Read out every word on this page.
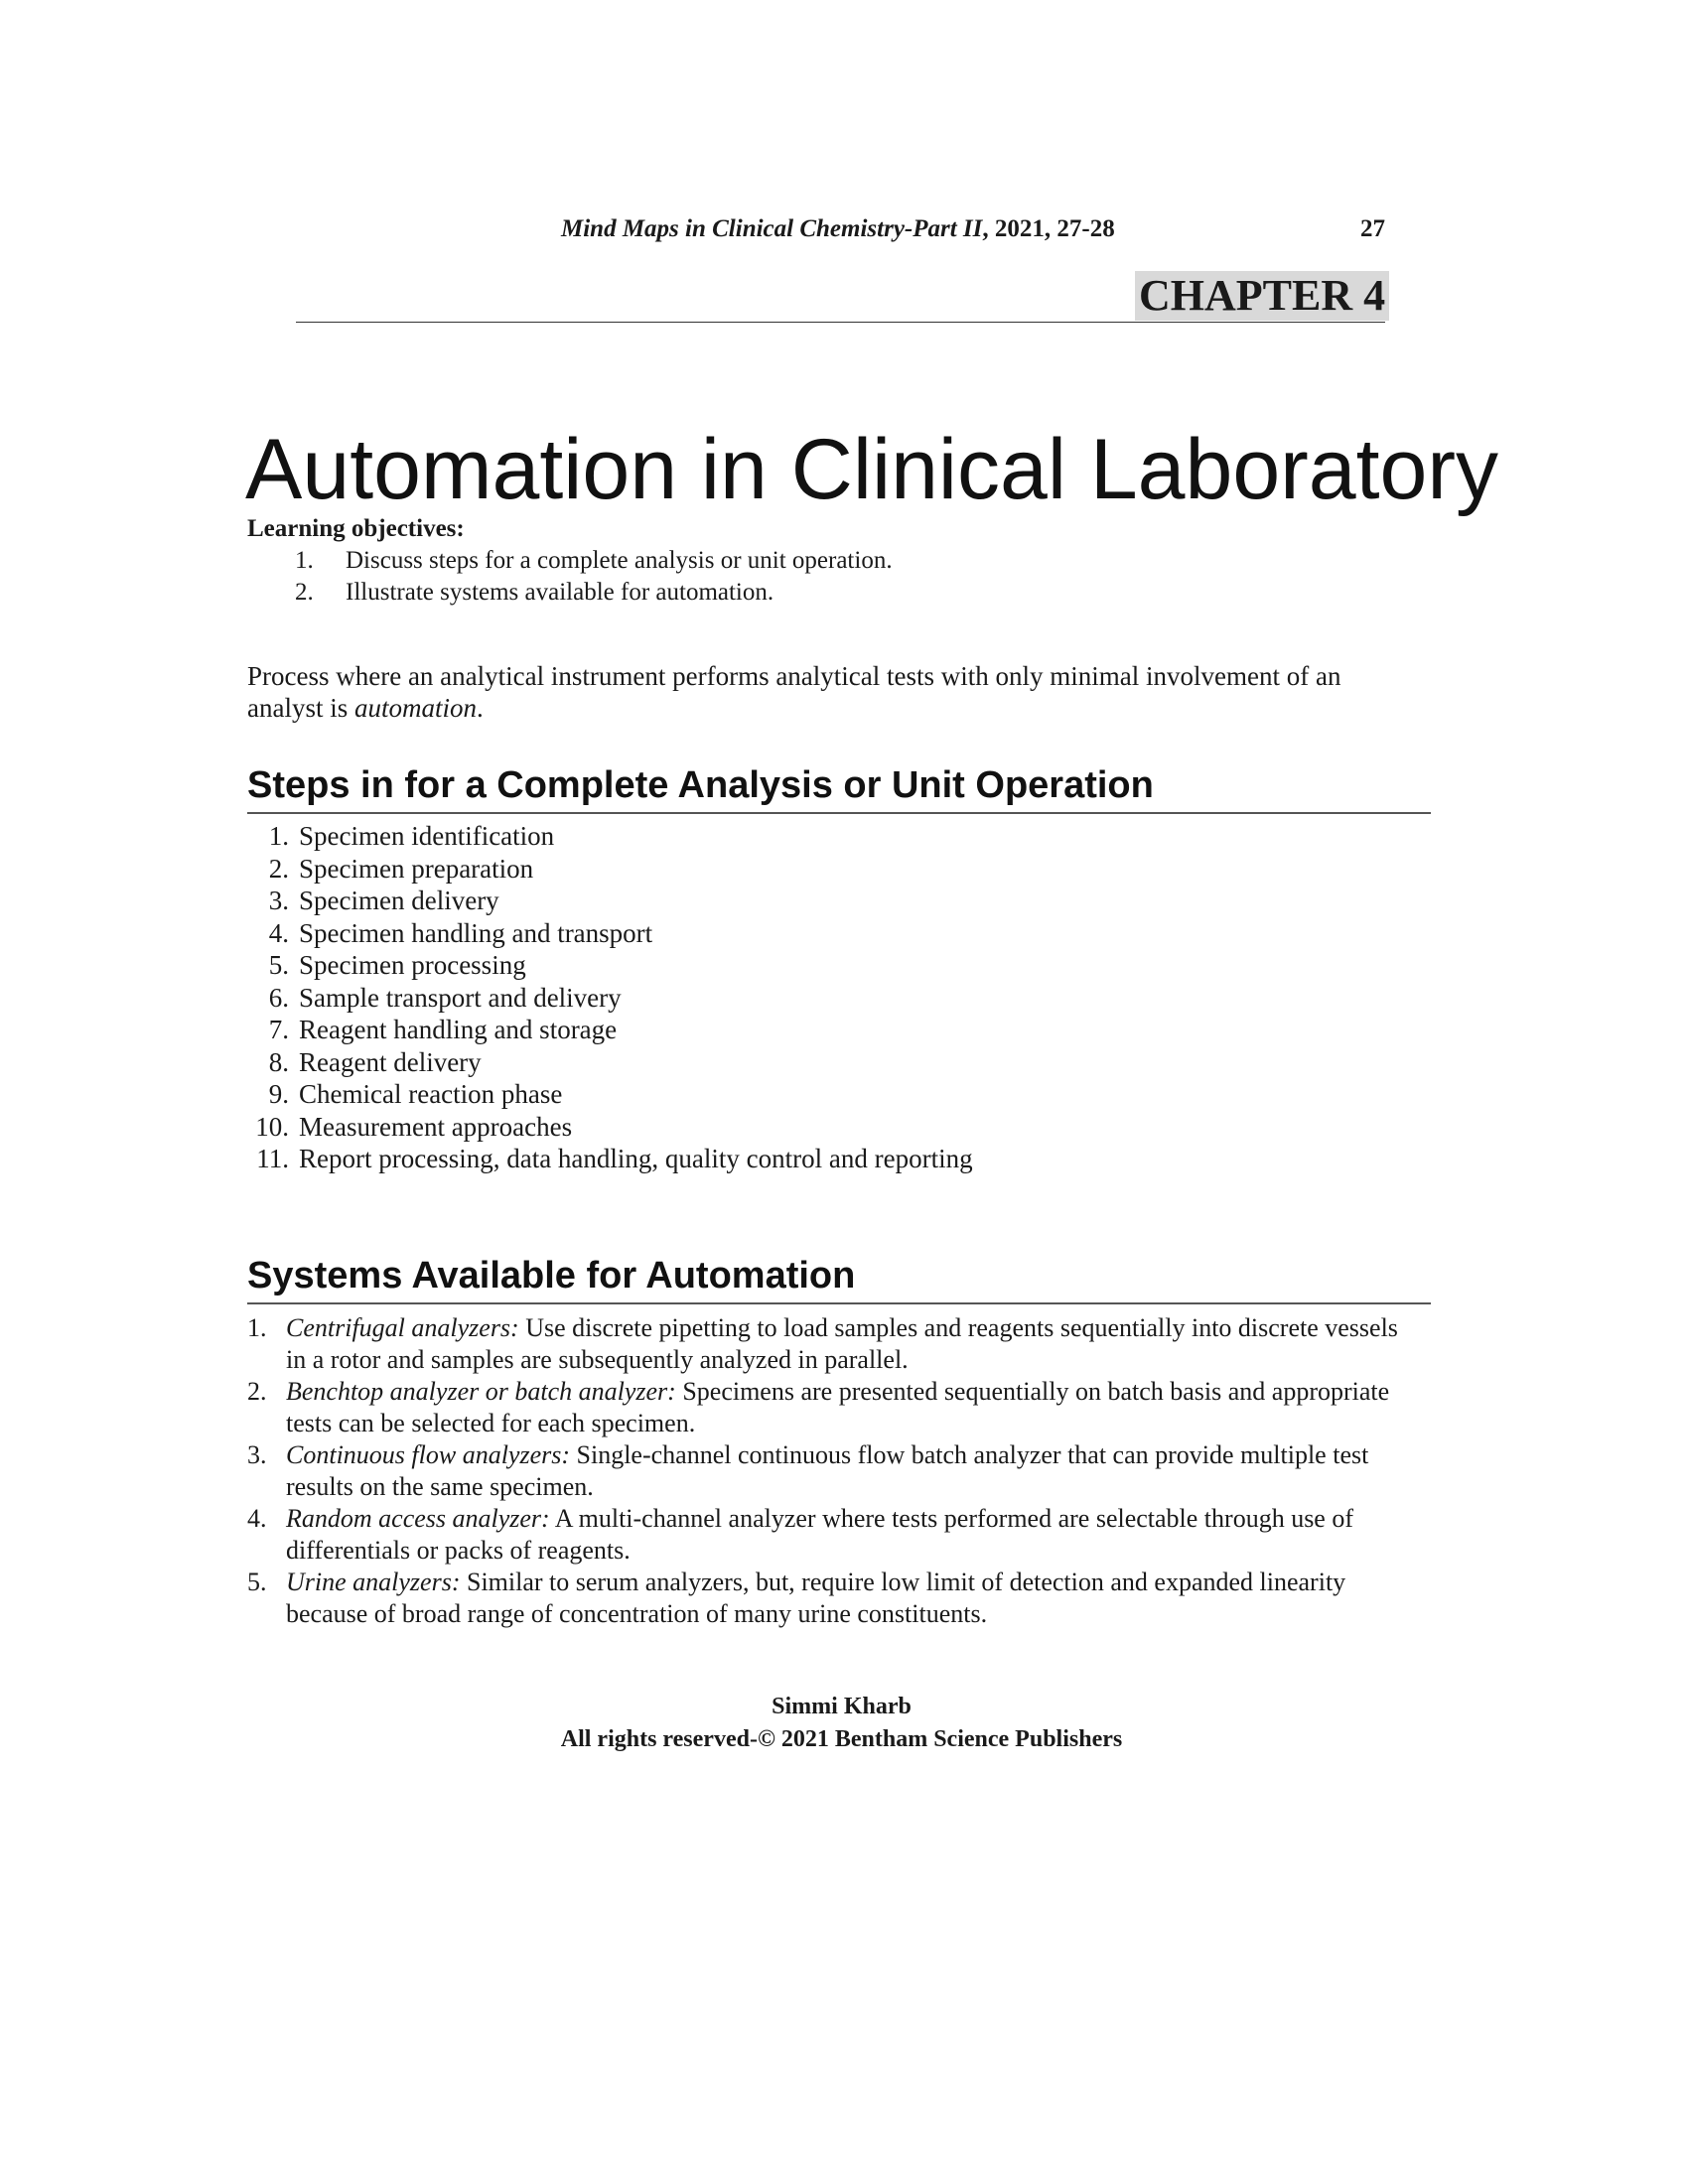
Mind Maps in Clinical Chemistry-Part II, 2021, 27-28	27
CHAPTER 4
Automation in Clinical Laboratory
Learning objectives:
1. Discuss steps for a complete analysis or unit operation.
2. Illustrate systems available for automation.

Process where an analytical instrument performs analytical tests with only minimal involvement of an analyst is automation.

Steps in for a Complete Analysis or Unit Operation
1. Specimen identification
2. Specimen preparation
3. Specimen delivery
4. Specimen handling and transport
5. Specimen processing
6. Sample transport and delivery
7. Reagent handling and storage
8. Reagent delivery
9. Chemical reaction phase
10. Measurement approaches
11. Report processing, data handling, quality control and reporting
Systems Available for Automation
1. Centrifugal analyzers: Use discrete pipetting to load samples and reagents sequentially into discrete vessels in a rotor and samples are subsequently analyzed in parallel.
2. Benchtop analyzer or batch analyzer: Specimens are presented sequentially on batch basis and appropriate tests can be selected for each specimen.
3. Continuous flow analyzers: Single-channel continuous flow batch analyzer that can provide multiple test results on the same specimen.
4. Random access analyzer: A multi-channel analyzer where tests performed are selectable through use of differentials or packs of reagents.
5. Urine analyzers: Similar to serum analyzers, but, require low limit of detection and expanded linearity because of broad range of concentration of many urine constituents.
Simmi Kharb
All rights reserved-© 2021 Bentham Science Publishers
